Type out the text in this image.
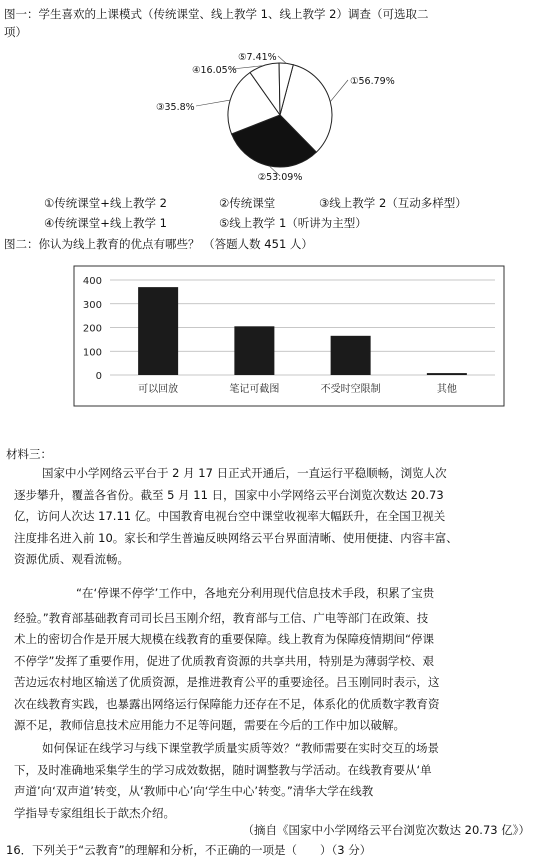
图一：学生喜欢的上课模式（传统课堂、线上教学 1、线上教学 2）调查（可选取二
项）
①56.79%
②53.09%
③35.8%
④16.05%
⑤7.41%
①传统课堂+线上教学 2	②传统课堂	③线上教学 2（互动多样型）
④传统课堂+线上教学 1	⑤线上教学 1（听讲为主型）
图二：你认为线上教育的优点有哪些？ （答题人数 451 人）
0
100
200
300
400
可以回放	笔记可截图	不受时空限制	其他
材料三：
国家中小学网络云平台于 2 月 17 日正式开通后，一直运行平稳顺畅，浏览人次
逐步攀升，覆盖各省份。截至 5 月 11 日，国家中小学网络云平台浏览次数达 20.73
亿，访问人次达 17.11 亿。中国教育电视台空中课堂收视率大幅跃升，在全国卫视关
注度排名进入前 10。家长和学生普遍反映网络云平台界面清晰、使用便捷、内容丰富、
资源优质、观看流畅。
“在‘停课不停学’工作中，各地充分利用现代信息技术手段，积累了宝贵
经验。”教育部基础教育司司长吕玉刚介绍，教育部与工信、广电等部门在政策、技
术上的密切合作是开展大规模在线教育的重要保障。线上教育为保障疫情期间“停课
不停学”发挥了重要作用，促进了优质教育资源的共享共用，特别是为薄弱学校、艰
苦边远农村地区输送了优质资源，是推进教育公平的重要途径。吕玉刚同时表示，这
次在线教育实践，也暴露出网络运行保障能力还存在不足，体系化的优质数字教育资
源不足，教师信息技术应用能力不足等问题，需要在今后的工作中加以破解。
如何保证在线学习与线下课堂教学质量实质等效？“教师需要在实时交互的场景
下，及时准确地采集学生的学习成效数据，随时调整教与学活动。在线教育要从‘单
声道’向‘双声道’转变，从‘教师中心’向‘学生中心’转变。”清华大学在线教
学指导专家组组长于歆杰介绍。
（摘自《国家中小学网络云平台浏览次数达 20.73 亿》）
16．下列关于“云教育”的理解和分析，不正确的一项是（　　）（3 分）
